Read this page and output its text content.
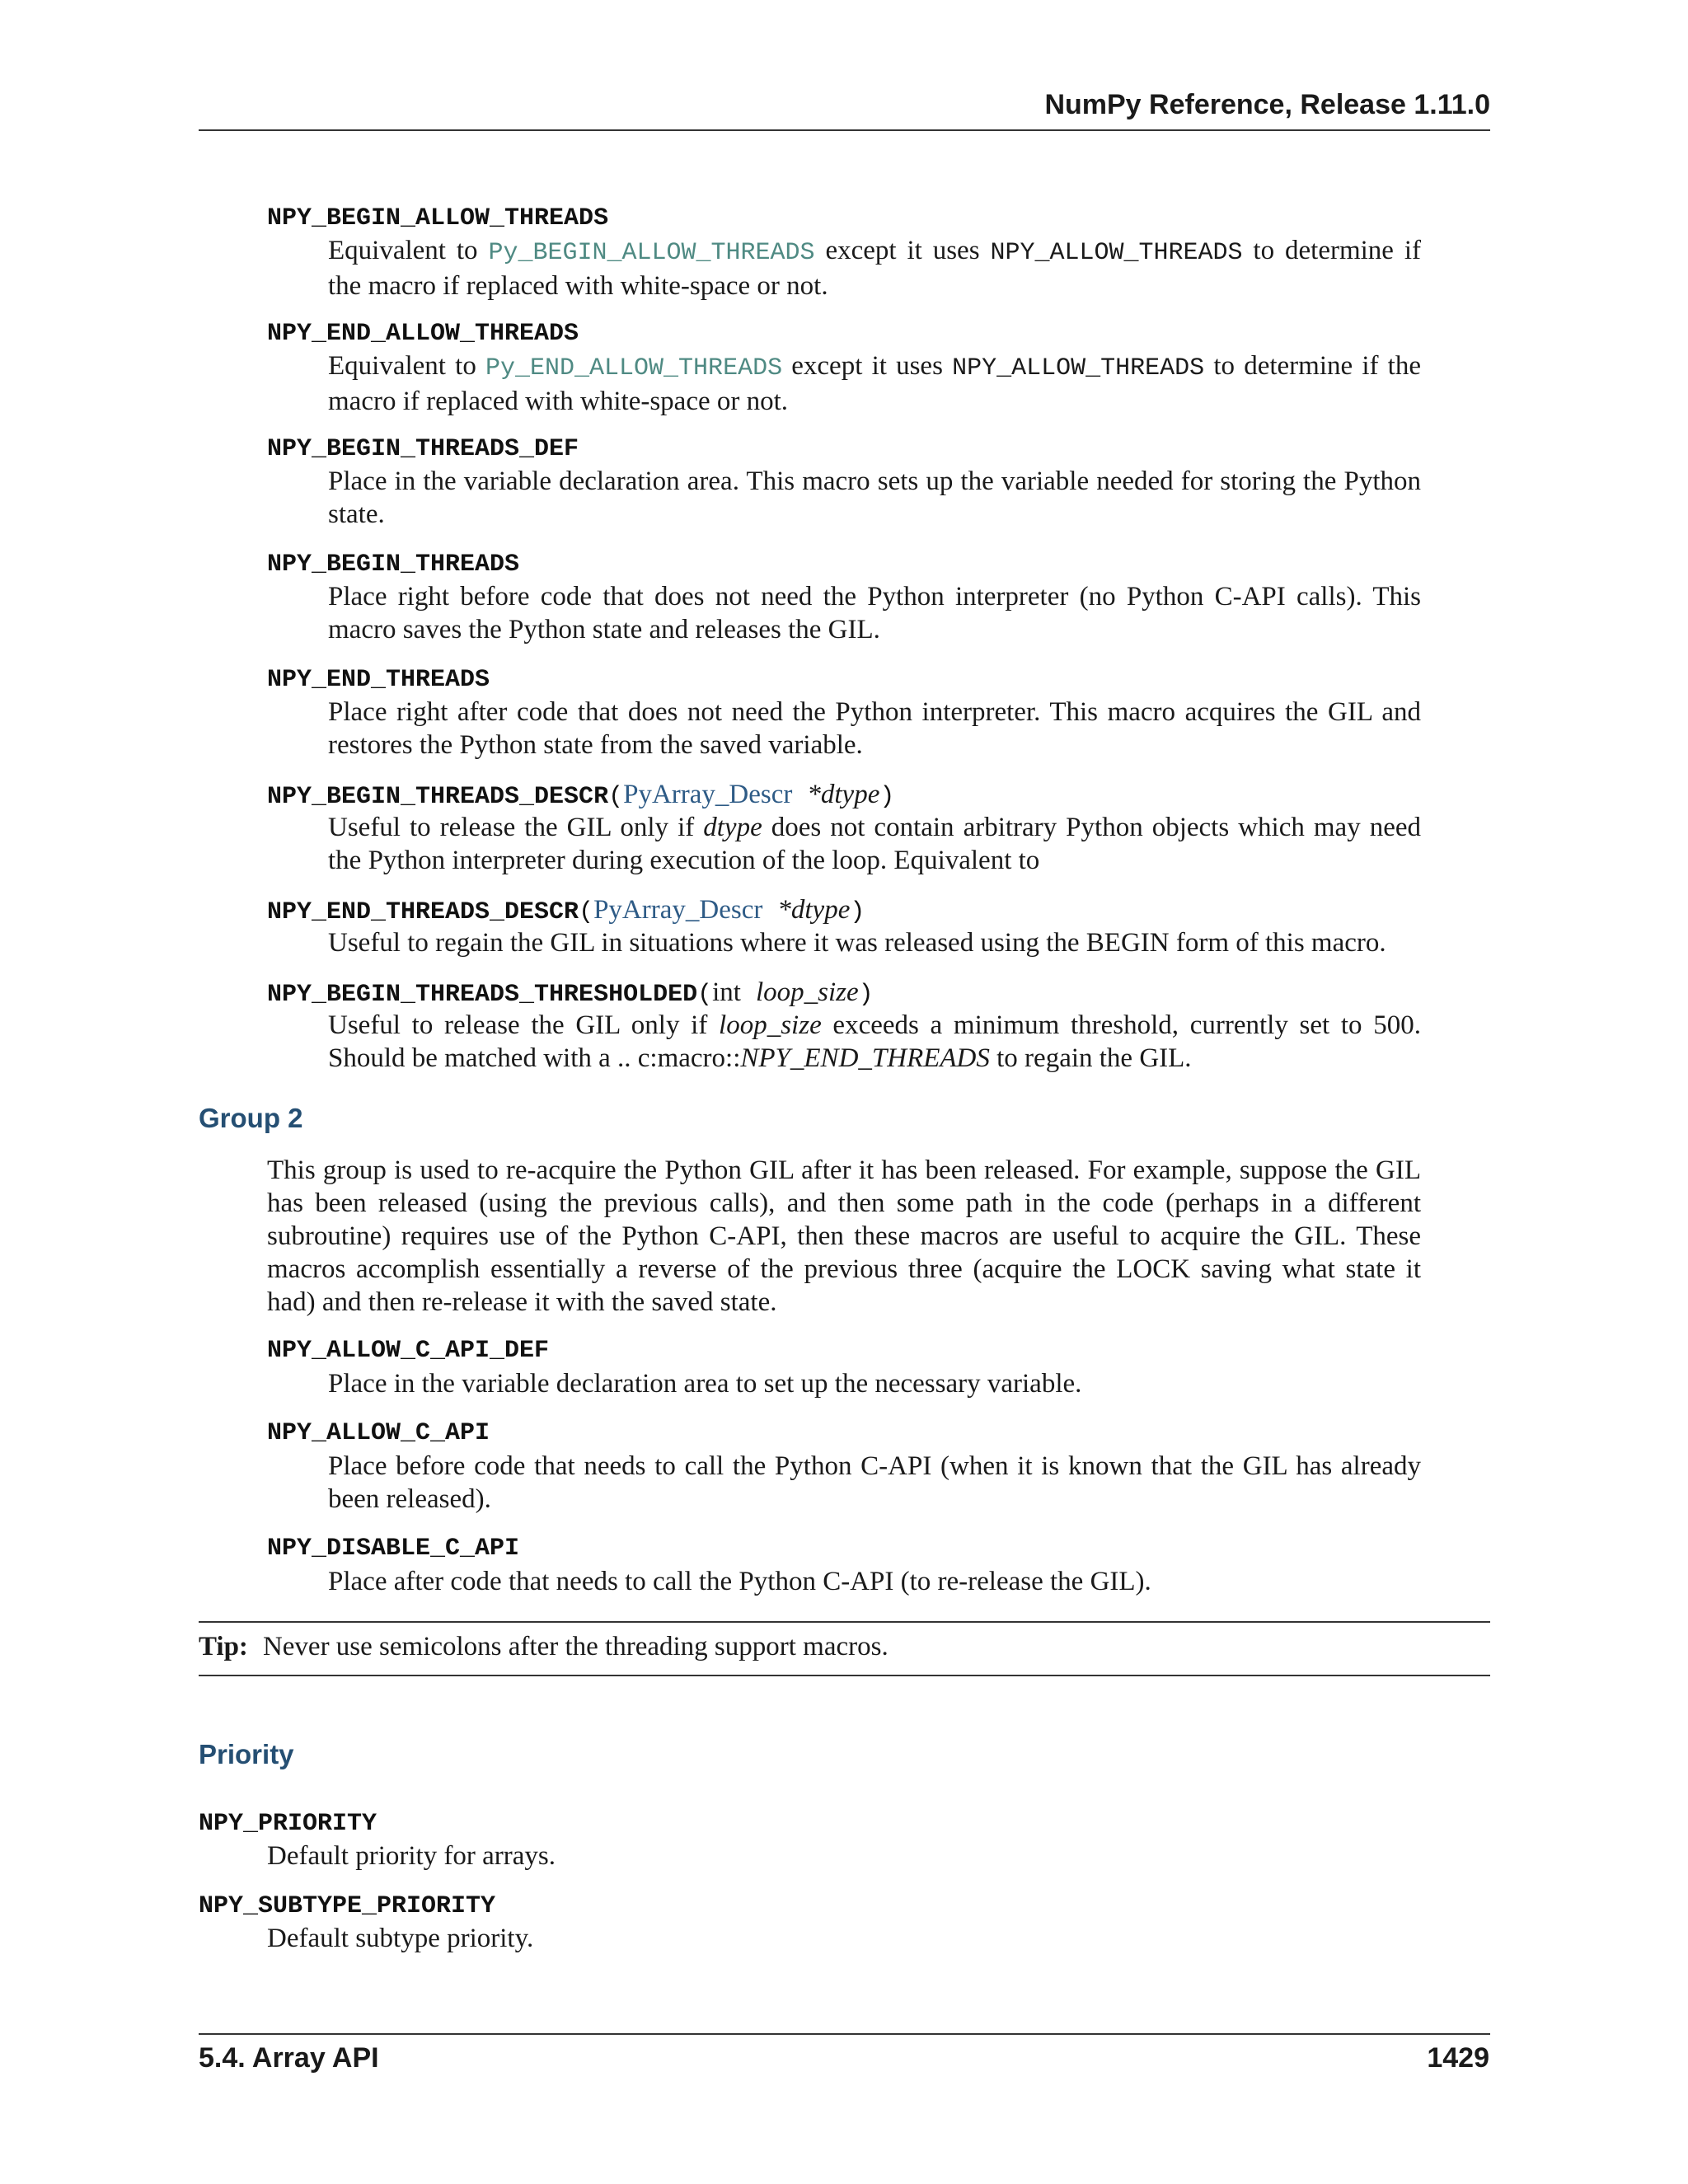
NumPy Reference, Release 1.11.0
NPY_BEGIN_ALLOW_THREADS
Equivalent to Py_BEGIN_ALLOW_THREADS except it uses NPY_ALLOW_THREADS to determine if the macro if replaced with white-space or not.
NPY_END_ALLOW_THREADS
Equivalent to Py_END_ALLOW_THREADS except it uses NPY_ALLOW_THREADS to determine if the macro if replaced with white-space or not.
NPY_BEGIN_THREADS_DEF
Place in the variable declaration area. This macro sets up the variable needed for storing the Python state.
NPY_BEGIN_THREADS
Place right before code that does not need the Python interpreter (no Python C-API calls). This macro saves the Python state and releases the GIL.
NPY_END_THREADS
Place right after code that does not need the Python interpreter. This macro acquires the GIL and restores the Python state from the saved variable.
NPY_BEGIN_THREADS_DESCR(PyArray_Descr *dtype)
Useful to release the GIL only if dtype does not contain arbitrary Python objects which may need the Python interpreter during execution of the loop. Equivalent to
NPY_END_THREADS_DESCR(PyArray_Descr *dtype)
Useful to regain the GIL in situations where it was released using the BEGIN form of this macro.
NPY_BEGIN_THREADS_THRESHOLDED(int loop_size)
Useful to release the GIL only if loop_size exceeds a minimum threshold, currently set to 500. Should be matched with a .. c:macro::NPY_END_THREADS to regain the GIL.
Group 2
This group is used to re-acquire the Python GIL after it has been released. For example, suppose the GIL has been released (using the previous calls), and then some path in the code (perhaps in a different subroutine) requires use of the Python C-API, then these macros are useful to acquire the GIL. These macros accomplish essentially a reverse of the previous three (acquire the LOCK saving what state it had) and then re-release it with the saved state.
NPY_ALLOW_C_API_DEF
Place in the variable declaration area to set up the necessary variable.
NPY_ALLOW_C_API
Place before code that needs to call the Python C-API (when it is known that the GIL has already been released).
NPY_DISABLE_C_API
Place after code that needs to call the Python C-API (to re-release the GIL).
Tip: Never use semicolons after the threading support macros.
Priority
NPY_PRIORITY
Default priority for arrays.
NPY_SUBTYPE_PRIORITY
Default subtype priority.
5.4. Array API	1429
